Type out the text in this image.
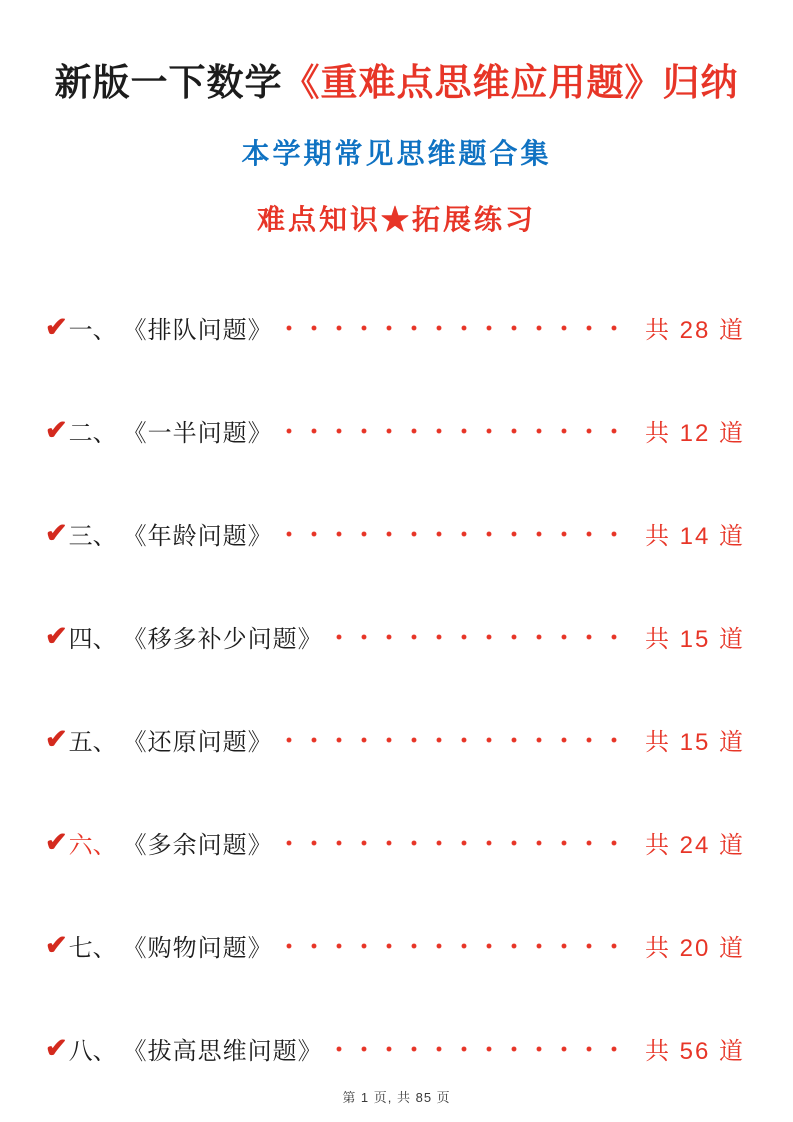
新版一下数学《重难点思维应用题》归纳
本学期常见思维题合集
难点知识★拓展练习
✔ 一、 《排队问题》	共 28 道
✔ 二、 《一半问题》	共 12 道
✔ 三、 《年龄问题》	共 14 道
✔ 四、 《移多补少问题》	共 15 道
✔ 五、 《还原问题》	共 15 道
✔ 六、 《多余问题》	共 24 道
✔ 七、 《购物问题》	共 20 道
✔ 八、 《拔高思维问题》	共 56 道
第 1 页, 共 85 页
